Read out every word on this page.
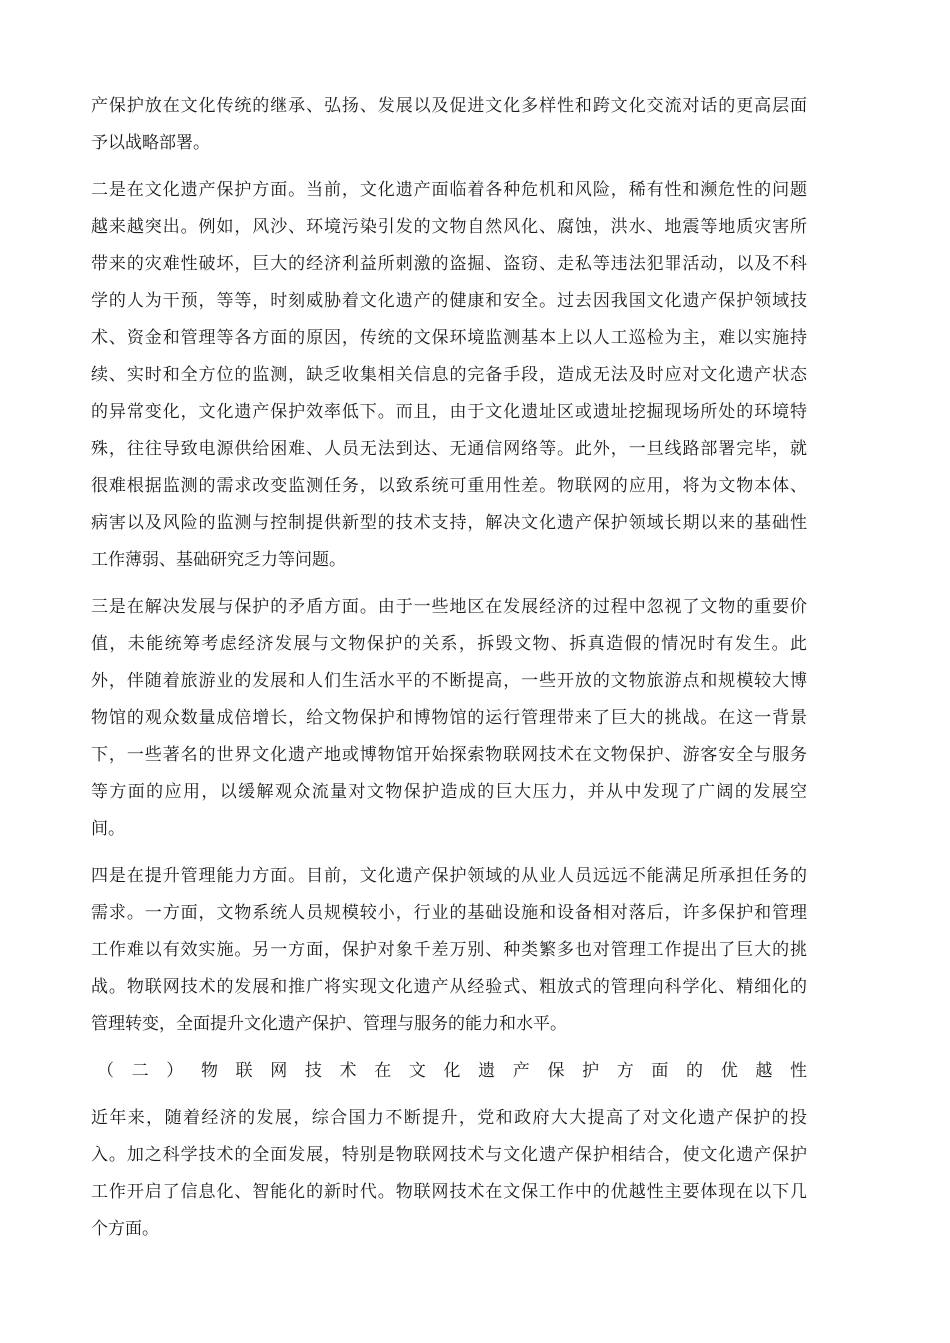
产保护放在文化传统的继承、弘扬、发展以及促进文化多样性和跨文化交流对话的更高层面
予以战略部署。

二是在文化遗产保护方面。当前，文化遗产面临着各种危机和风险，稀有性和濒危性的问题
越来越突出。例如，风沙、环境污染引发的文物自然风化、腐蚀，洪水、地震等地质灾害所
带来的灾难性破坏，巨大的经济利益所刺激的盗掘、盗窃、走私等违法犯罪活动，以及不科
学的人为干预，等等，时刻威胁着文化遗产的健康和安全。过去因我国文化遗产保护领域技
术、资金和管理等各方面的原因，传统的文保环境监测基本上以人工巡检为主，难以实施持
续、实时和全方位的监测，缺乏收集相关信息的完备手段，造成无法及时应对文化遗产状态
的异常变化，文化遗产保护效率低下。而且，由于文化遗址区或遗址挖掘现场所处的环境特
殊，往往导致电源供给困难、人员无法到达、无通信网络等。此外，一旦线路部署完毕，就
很难根据监测的需求改变监测任务，以致系统可重用性差。物联网的应用，将为文物本体、
病害以及风险的监测与控制提供新型的技术支持，解决文化遗产保护领域长期以来的基础性
工作薄弱、基础研究乏力等问题。

三是在解决发展与保护的矛盾方面。由于一些地区在发展经济的过程中忽视了文物的重要价
值，未能统筹考虑经济发展与文物保护的关系，拆毁文物、拆真造假的情况时有发生。此
外，伴随着旅游业的发展和人们生活水平的不断提高，一些开放的文物旅游点和规模较大博
物馆的观众数量成倍增长，给文物保护和博物馆的运行管理带来了巨大的挑战。在这一背景
下，一些著名的世界文化遗产地或博物馆开始探索物联网技术在文物保护、游客安全与服务
等方面的应用，以缓解观众流量对文物保护造成的巨大压力，并从中发现了广阔的发展空
间。

四是在提升管理能力方面。目前，文化遗产保护领域的从业人员远远不能满足所承担任务的
需求。一方面，文物系统人员规模较小，行业的基础设施和设备相对落后，许多保护和管理
工作难以有效实施。另一方面，保护对象千差万别、种类繁多也对管理工作提出了巨大的挑
战。物联网技术的发展和推广将实现文化遗产从经验式、粗放式的管理向科学化、精细化的
管理转变，全面提升文化遗产保护、管理与服务的能力和水平。

（二）物联网技术在文化遗产保护方面的优越性

近年来，随着经济的发展，综合国力不断提升，党和政府大大提高了对文化遗产保护的投
入。加之科学技术的全面发展，特别是物联网技术与文化遗产保护相结合，使文化遗产保护
工作开启了信息化、智能化的新时代。物联网技术在文保工作中的优越性主要体现在以下几
个方面。
